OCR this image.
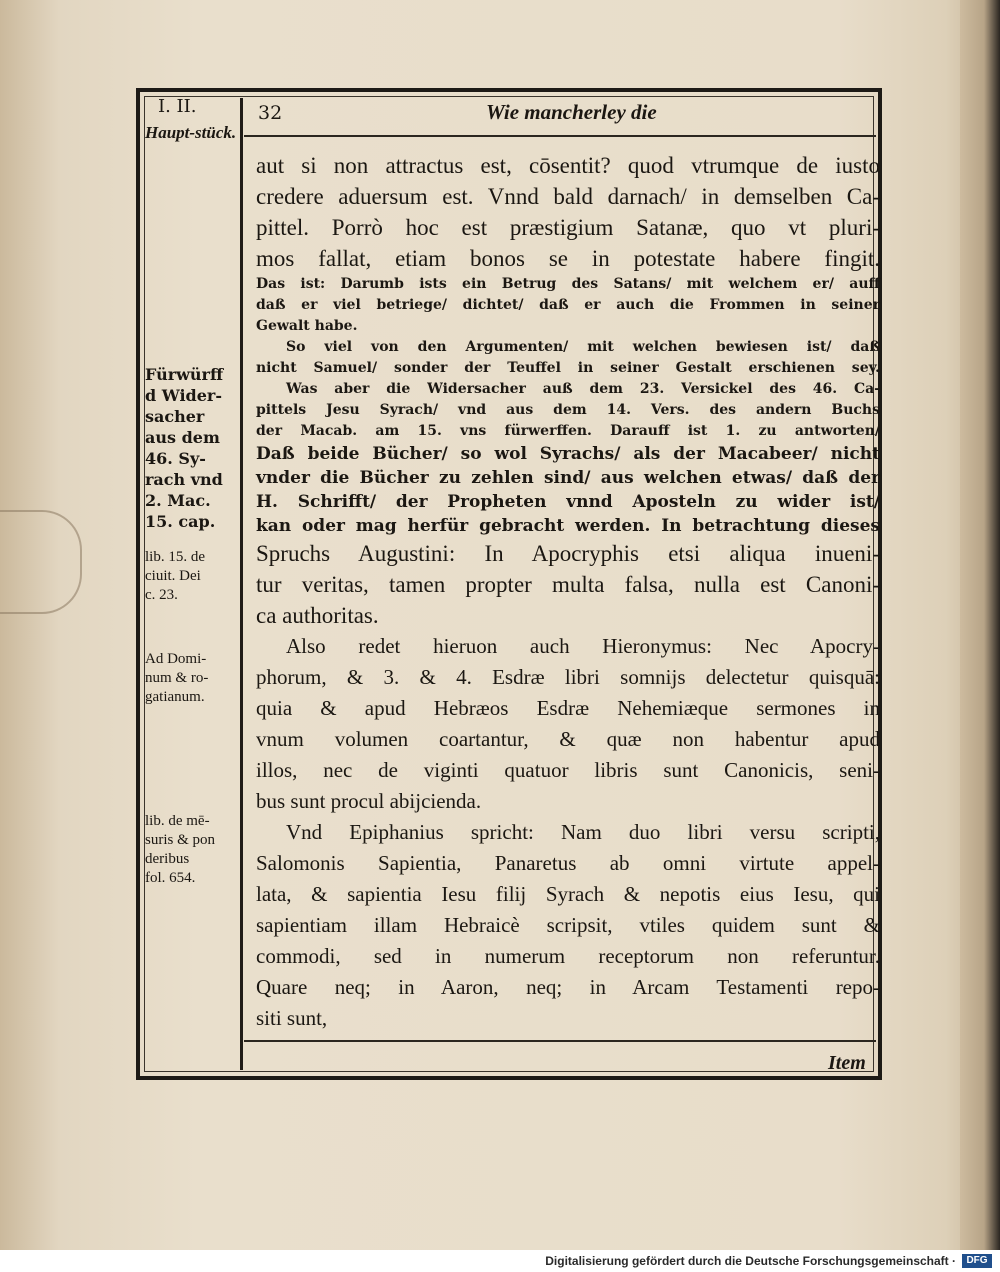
I. II.
Haupt-stück.
32	Wie mancherley die
aut si non attractus est, cōsentit? quod vtrumque de iusto
credere aduersum est. Vnnd bald darnach/ in demselben Ca-
pittel. Porrò hoc est præstigium Satanæ, quo vt pluri-
mos fallat, etiam bonos se in potestate habere fingit.
Das ist: Darumb ists ein Betrug des Satans/ mit welchem er/ auff
daß er viel betriege/ dichtet/ daß er auch die Frommen in seiner
Gewalt habe.
So viel von den Argumenten/ mit welchen bewiesen ist/ daß
nicht Samuel/ sonder der Teuffel in seiner Gestalt erschienen sey.
Was aber die Widersacher auß dem 23. Versickel des 46. Ca-
pittels Jesu Syrach/ vnd aus dem 14. Vers. des andern Buchs
der Macab. am 15. vns fürwerffen. Darauff ist 1. zu antworten/
Daß beide Bücher/ so wol Syrachs/ als der Macabeer/ nicht
vnder die Bücher zu zehlen sind/ aus welchen etwas/ daß der
H. Schrifft/ der Propheten vnnd Aposteln zu wider ist/
kan oder mag herfür gebracht werden. In betrachtung dieses
Spruchs Augustini: In Apocryphis etsi aliqua inueni-
tur veritas, tamen propter multa falsa, nulla est Canoni-
ca authoritas.
Also redet hieruon auch Hieronymus: Nec Apocry-
phorum, & 3. & 4. Esdræ libri somnijs delectetur quisquā:
quia & apud Hebræos Esdræ Nehemiæque sermones in
vnum volumen coartantur, & quæ non habentur apud
illos, nec de viginti quatuor libris sunt Canonicis, seni-
bus sunt procul abijcienda.
Vnd Epiphanius spricht: Nam duo libri versu scripti,
Salomonis Sapientia, Panaretus ab omni virtute appel-
lata, & sapientia Iesu filij Syrach & nepotis eius Iesu, qui
sapientiam illam Hebraicè scripsit, vtiles quidem sunt &
commodi, sed in numerum receptorum non referuntur.
Quare neq; in Aaron, neq; in Arcam Testamenti repo-
siti sunt,
Fürwürff
d Wider-
sacher
aus dem
46. Sy-
rach vnd
2. Mac.
15. cap.
lib. 15. de
ciuit. Dei
c. 23.
Ad Domi-
num & ro-
gatianum.
lib. de mē-
suris & pon
deribus
fol. 654.
Item
Digitalisierung gefördert durch die Deutsche Forschungsgemeinschaft ·	DFG
